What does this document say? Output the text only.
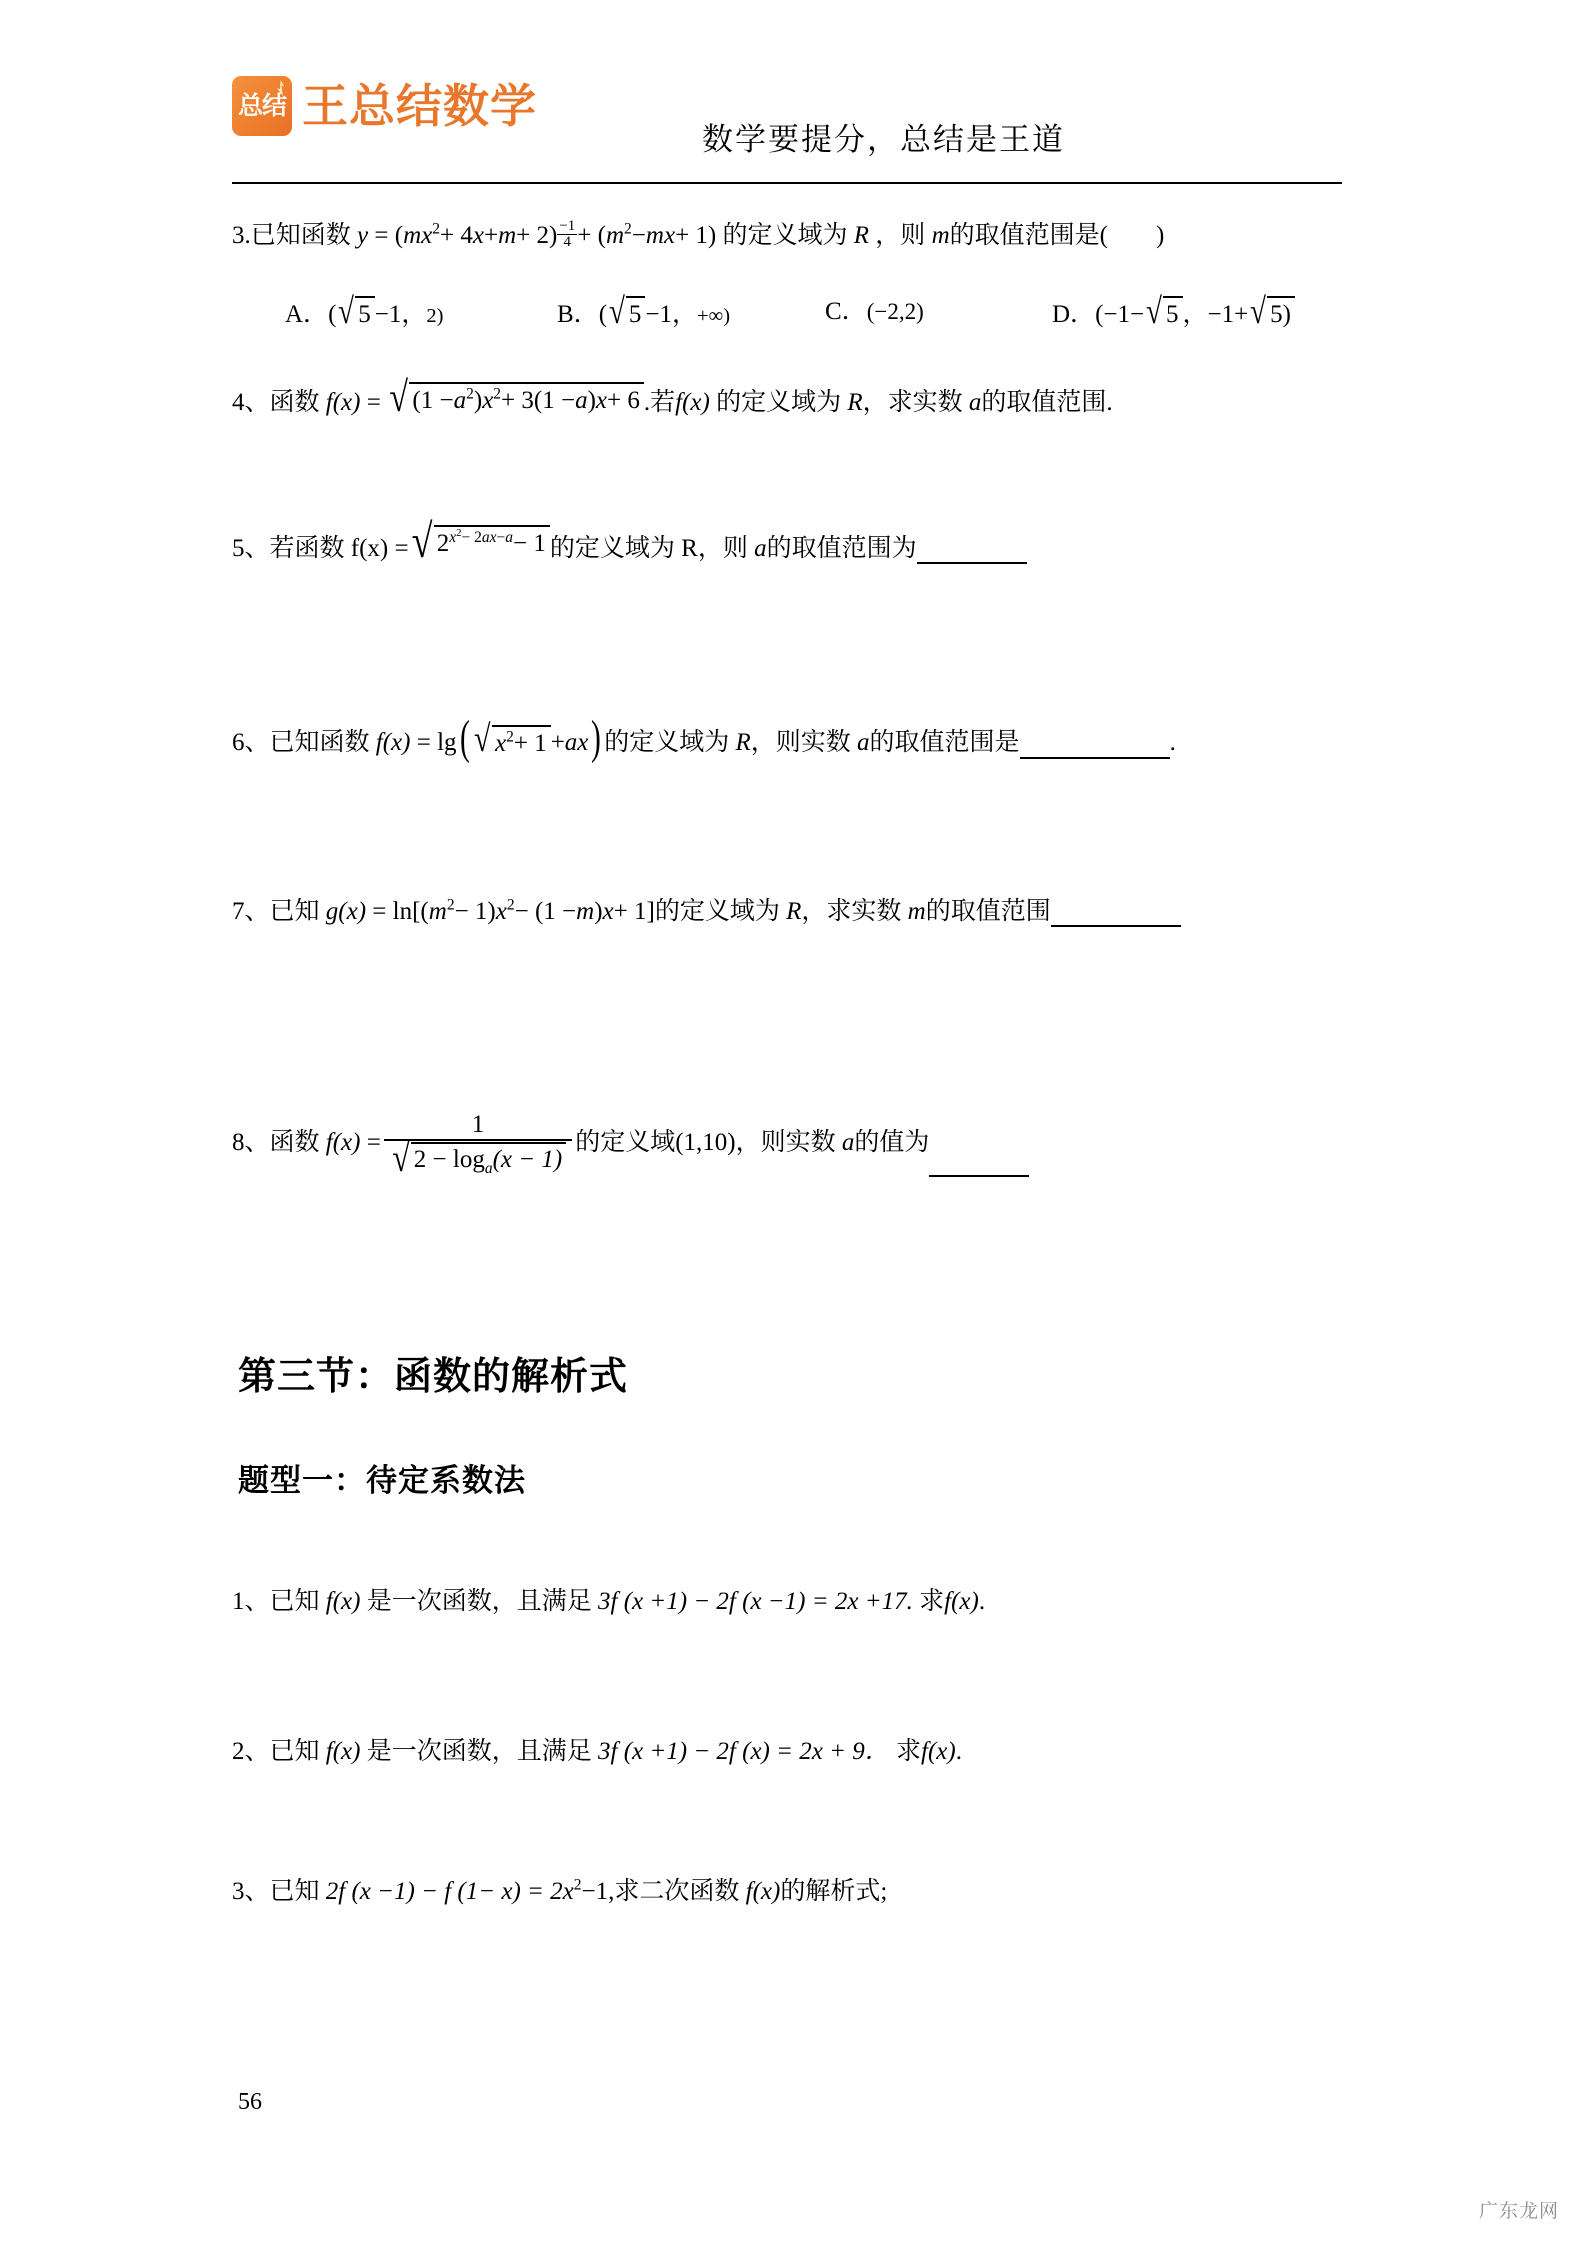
总结 王总结数学
数学要提分，总结是王道
3.已知函数 $y = (mx^2+ 4x+m+ 2) \frac{-1}{4} + (m^2-mx+ 1)$ 的定义域为 R ，则 m的取值范围是( )
A．( √ 5 −1，2)	B．( √ 5 −1，+∞)	C．(−2,2)	D．(−1− √ 5 ，−1+ √ 5)
4、函数 f(x) = √ $(1 -a^2)x^2+ 3(1 -a)x+ 6$ .若f(x) 的定义域为 R，求实数 a的取值范围.
5、若函数 f(x) = √ $2^{x^2- 2ax-a}- 1$ 的定义域为 R，则 a的取值范围为
6、已知函数 f(x) = lg( √ $x^2+ 1 +ax$) 的定义域为 R，则实数 a的取值范围是	.
7、已知 $g(x) = \ln[(m^2- 1)x^2- (1 -m)x+ 1]$的定义域为 R，求实数 m的取值范围
8、函数 $f(x) = \frac{1}{√ 2 - \log_a(x - 1)}$ 的定义域(1,10)，则实数 a的值为
第三节：函数的解析式
题型一：待定系数法
1、已知 f(x) 是一次函数，且满足 3f (x +1) − 2f (x −1) = 2x +17. 求f(x).
2、已知 f(x) 是一次函数，且满足 3f (x +1) − 2f (x) = 2x + 9． 求f(x).
3、已知 2f (x −1) − f $(1- x) = 2x^2-1$,求二次函数 f(x)的解析式;
56
广东龙网
